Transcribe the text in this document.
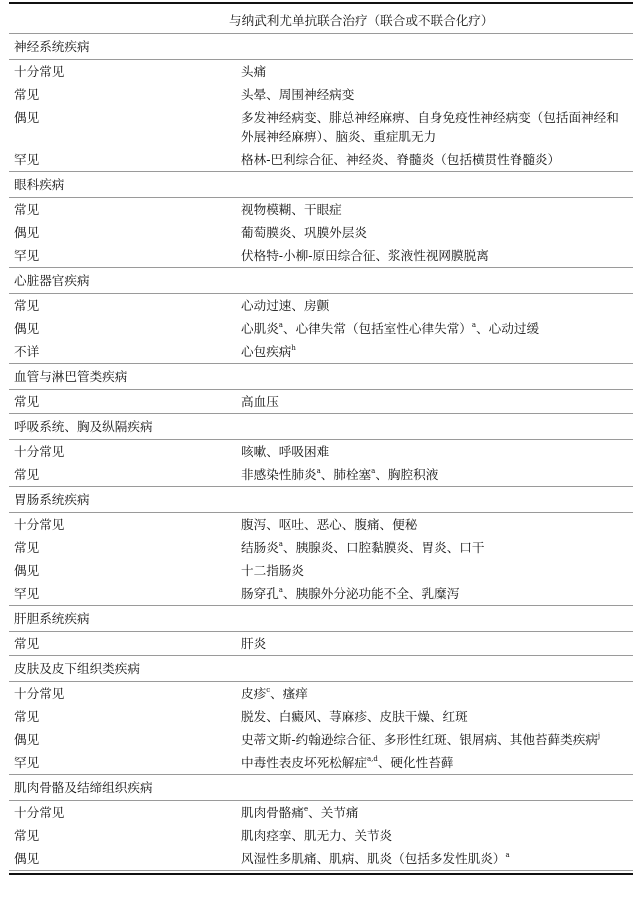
与纳武利尤单抗联合治疗（联合或不联合化疗）
神经系统疾病
十分常见	头痛
常见	头晕、周围神经病变
偶见	多发神经病变、腓总神经麻痹、自身免疫性神经病变（包括面神经和外展神经麻痹）、脑炎、重症肌无力
罕见	格林-巴利综合征、神经炎、脊髓炎（包括横贯性脊髓炎）
眼科疾病
常见	视物模糊、干眼症
偶见	葡萄膜炎、巩膜外层炎
罕见	伏格特-小柳-原田综合征、浆液性视网膜脱离
心脏器官疾病
常见	心动过速、房颤
偶见	心肌炎$^a$、心律失常（包括室性心律失常）$^a$、心动过缓
不详	心包疾病$^h$
血管与淋巴管类疾病
常见	高血压
呼吸系统、胸及纵隔疾病
十分常见	咳嗽、呼吸困难
常见	非感染性肺炎$^a$、肺栓塞$^a$、胸腔积液
胃肠系统疾病
十分常见	腹泻、呕吐、恶心、腹痛、便秘
常见	结肠炎$^a$、胰腺炎、口腔黏膜炎、胃炎、口干
偶见	十二指肠炎
罕见	肠穿孔$^a$、胰腺外分泌功能不全、乳糜泻
肝胆系统疾病
常见	肝炎
皮肤及皮下组织类疾病
十分常见	皮疹$^c$、瘙痒
常见	脱发、白癜风、荨麻疹、皮肤干燥、红斑
偶见	史蒂文斯-约翰逊综合征、多形性红斑、银屑病、其他苔藓类疾病$^j$
罕见	中毒性表皮坏死松解症$^{a,d}$、硬化性苔藓
肌肉骨骼及结缔组织疾病
十分常见	肌肉骨骼痛$^e$、关节痛
常见	肌肉痉挛、肌无力、关节炎
偶见	风湿性多肌痛、肌病、肌炎（包括多发性肌炎）$^a$
